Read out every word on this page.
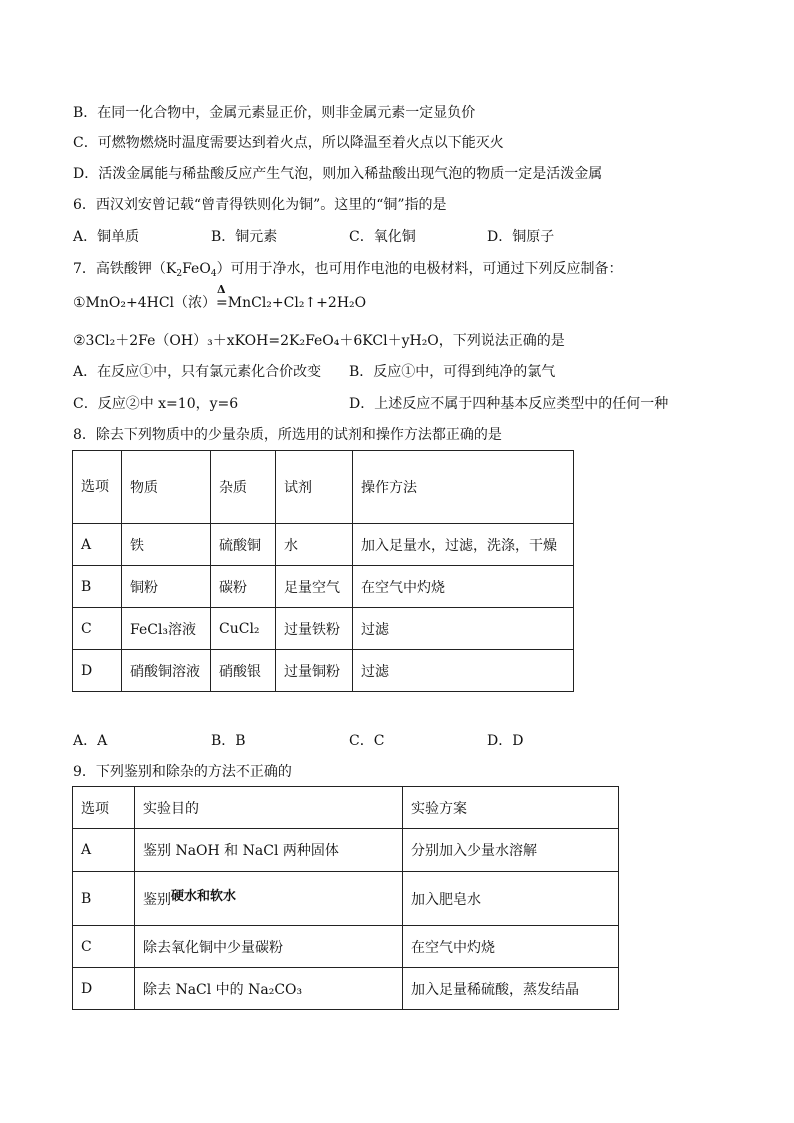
B．在同一化合物中，金属元素显正价，则非金属元素一定显负价
C．可燃物燃烧时温度需要达到着火点，所以降温至着火点以下能灭火
D．活泼金属能与稀盐酸反应产生气泡，则加入稀盐酸出现气泡的物质一定是活泼金属
6．西汉刘安曾记载“曾青得铁则化为铜”。这里的“铜”指的是
A．铜单质	B．铜元素	C．氧化铜	D．铜原子
7．高铁酸钾$(K_2FeO_4)$可用于净水，也可用作电池的电极材料，可通过下列反应制备：
①MnO₂+4HCl（浓）
Δ
=MnCl₂+Cl₂↑+2H₂O
②3Cl₂＋2Fe（OH）₃＋xKOH=2K₂FeO₄＋6KCl＋yH₂O，下列说法正确的是
A．在反应①中，只有氯元素化合价改变 B．反应①中，可得到纯净的氯气
C．反应②中 x=10，y=6	D．上述反应不属于四种基本反应类型中的任何一种
8．除去下列物质中的少量杂质，所选用的试剂和操作方法都正确的是
选项	物质	杂质	试剂	操作方法
A	铁	硫酸铜	水	加入足量水，过滤，洗涤，干燥
B	铜粉	碳粉	足量空气	在空气中灼烧
C	FeCl₃溶液	CuCl₂	过量铁粉	过滤
D	硝酸铜溶液	硝酸银	过量铜粉	过滤
A．A	B．B	C．C	D．D
9．下列鉴别和除杂的方法不正确的
选项	实验目的	实验方案
A	鉴别 NaOH 和 NaCl 两种固体	分别加入少量水溶解
B	鉴别硬水和软水	加入肥皂水
C	除去氧化铜中少量碳粉	在空气中灼烧
D	除去 NaCl 中的 Na₂CO₃	加入足量稀硫酸，蒸发结晶
